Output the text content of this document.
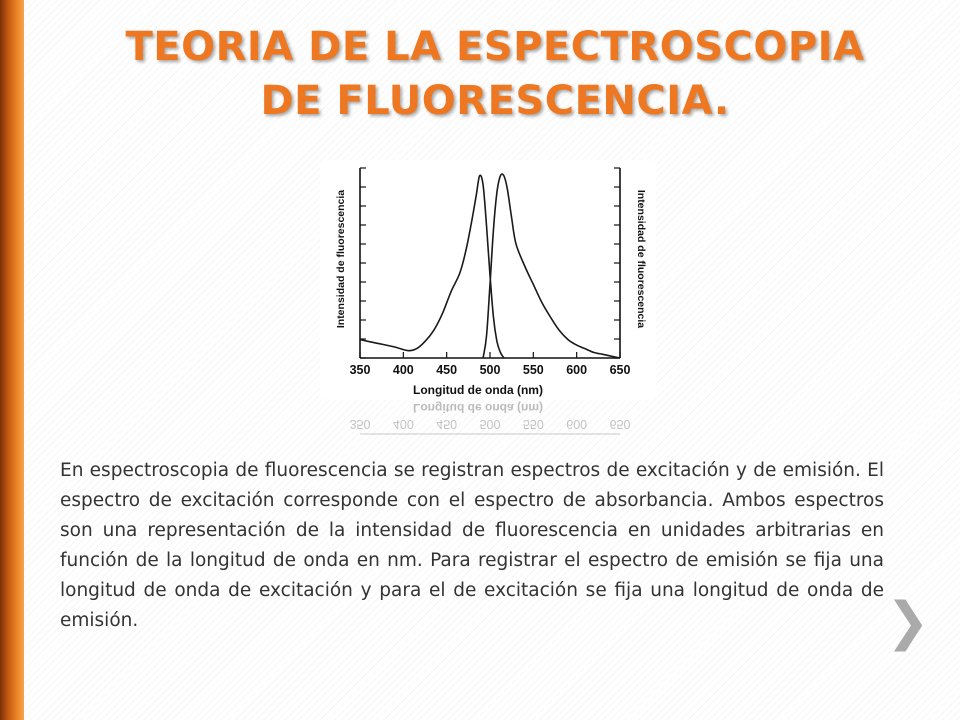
TEORIA DE LA ESPECTROSCOPIA
DE FLUORESCENCIA.
350 400 450 500 550 600 650
Longitud de onda (nm)
Intensidad de fluorescencia	Intensidad de fluorescencia
Longitud de onda (nm)
350 400 450 500 550 600 650

En espectroscopia de fluorescencia se registran espectros de excitación y de emisión. El espectro de excitación corresponde con el espectro de absorbancia. Ambos espectros son una representación de la intensidad de fluorescencia en unidades arbitrarias en función de la longitud de onda en nm. Para registrar el espectro de emisión se fija una longitud de onda de excitación y para el de excitación se fija una longitud de onda de emisión.	❯
